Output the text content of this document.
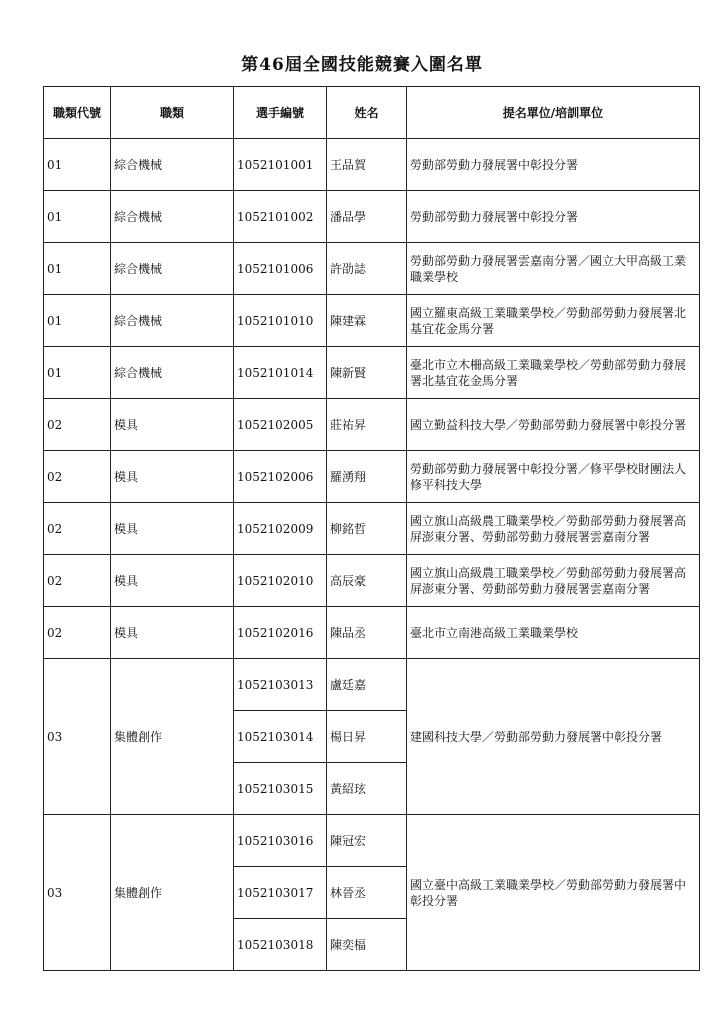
第46屆全國技能競賽入圍名單
職類代號	職類	選手編號	姓名	提名單位/培訓單位
01	綜合機械	1052101001	王品賀	勞動部勞動力發展署中彰投分署
01	綜合機械	1052101002	潘品學	勞動部勞動力發展署中彰投分署
01	綜合機械	1052101006	許劭誌	勞動部勞動力發展署雲嘉南分署／國立大甲高級工業職業學校
01	綜合機械	1052101010	陳建霖	國立羅東高級工業職業學校／勞動部勞動力發展署北基宜花金馬分署
01	綜合機械	1052101014	陳新賢	臺北市立木柵高級工業職業學校／勞動部勞動力發展署北基宜花金馬分署
02	模具	1052102005	莊祐昇	國立勤益科技大學／勞動部勞動力發展署中彰投分署
02	模具	1052102006	羅湧翔	勞動部勞動力發展署中彰投分署／修平學校財團法人修平科技大學
02	模具	1052102009	柳銘哲	國立旗山高級農工職業學校／勞動部勞動力發展署高屏澎東分署、勞動部勞動力發展署雲嘉南分署
02	模具	1052102010	高辰豪	國立旗山高級農工職業學校／勞動部勞動力發展署高屏澎東分署、勞動部勞動力發展署雲嘉南分署
02	模具	1052102016	陳品丞	臺北市立南港高級工業職業學校
03	集體創作	1052103013	盧廷嘉	建國科技大學／勞動部勞動力發展署中彰投分署
		1052103014	楊日昇	
		1052103015	黃紹玹	
03	集體創作	1052103016	陳冠宏	國立臺中高級工業職業學校／勞動部勞動力發展署中彰投分署
		1052103017	林晉丞	
		1052103018	陳奕楅	
